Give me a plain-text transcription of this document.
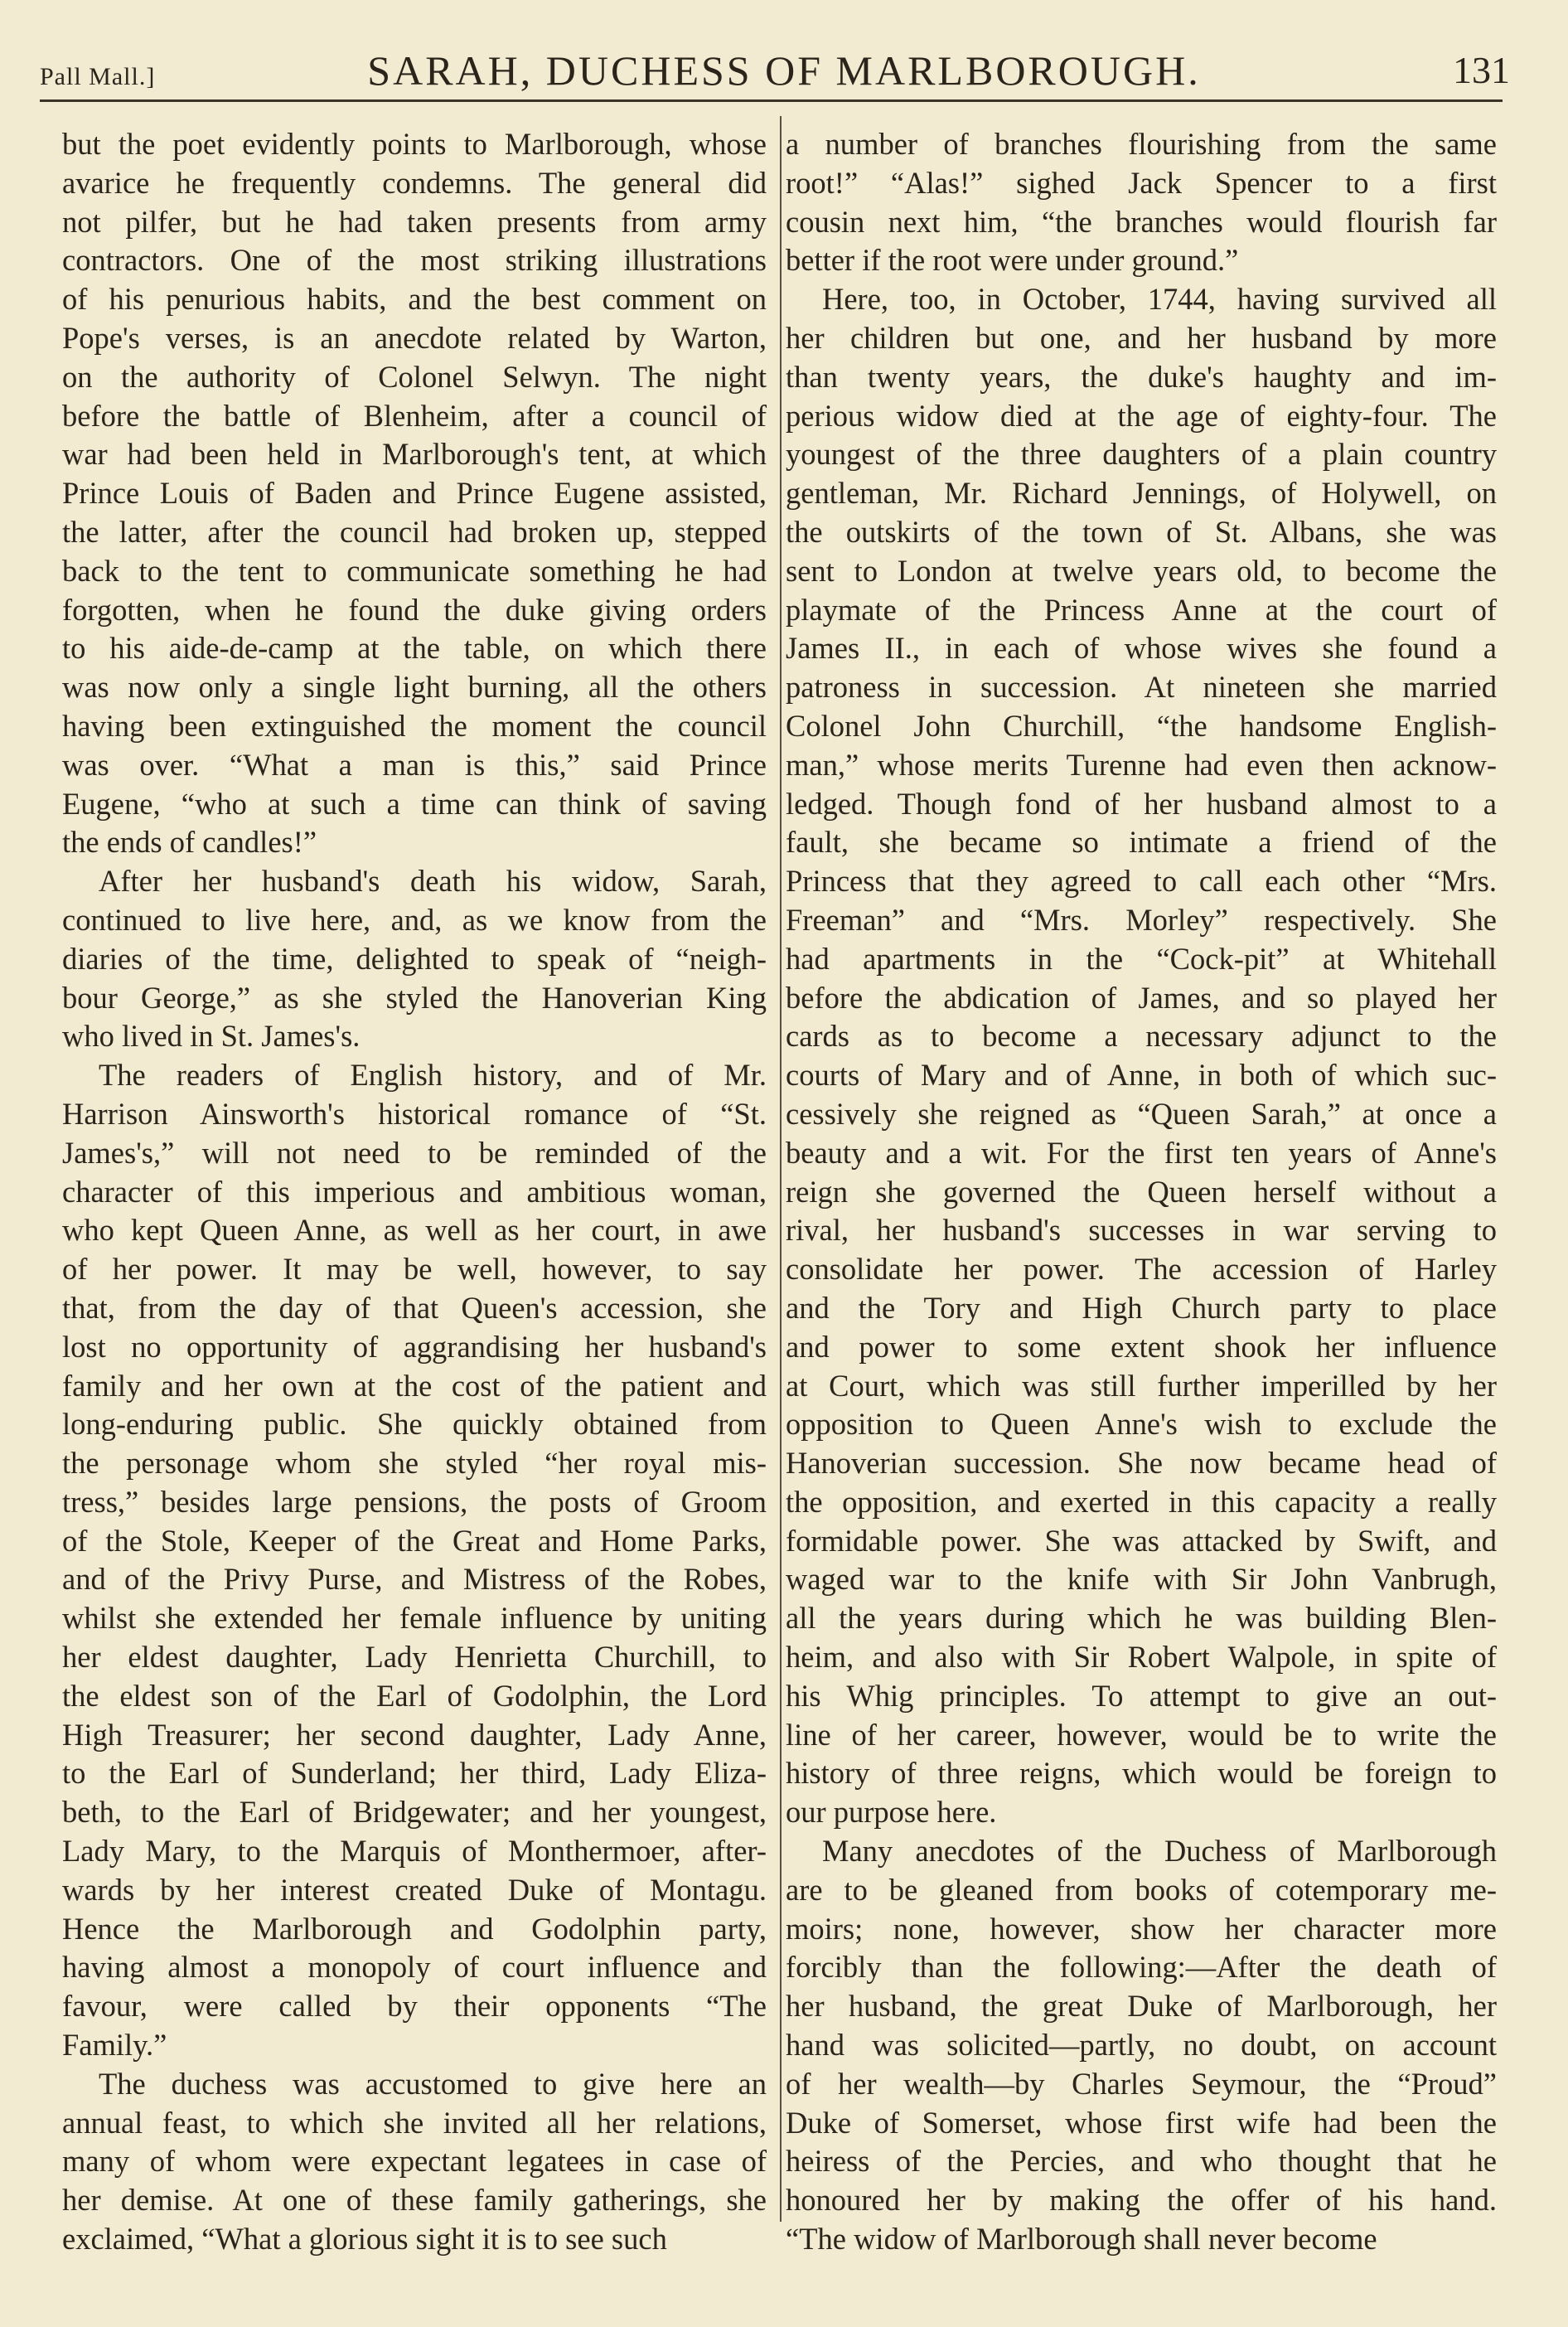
Pall Mall.]	SARAH, DUCHESS OF MARLBOROUGH.	131
but the poet evidently points to Marlborough, whose
avarice he frequently condemns. The general did
not pilfer, but he had taken presents from army
contractors. One of the most striking illustrations
of his penurious habits, and the best comment on
Pope's verses, is an anecdote related by Warton,
on the authority of Colonel Selwyn. The night
before the battle of Blenheim, after a council of
war had been held in Marlborough's tent, at which
Prince Louis of Baden and Prince Eugene assisted,
the latter, after the council had broken up, stepped
back to the tent to communicate something he had
forgotten, when he found the duke giving orders
to his aide-de-camp at the table, on which there
was now only a single light burning, all the others
having been extinguished the moment the council
was over. “What a man is this,” said Prince
Eugene, “who at such a time can think of saving
the ends of candles!”
After her husband's death his widow, Sarah,
continued to live here, and, as we know from the
diaries of the time, delighted to speak of “neigh-
bour George,” as she styled the Hanoverian King
who lived in St. James's.
The readers of English history, and of Mr.
Harrison Ainsworth's historical romance of “St.
James's,” will not need to be reminded of the
character of this imperious and ambitious woman,
who kept Queen Anne, as well as her court, in awe
of her power. It may be well, however, to say
that, from the day of that Queen's accession, she
lost no opportunity of aggrandising her husband's
family and her own at the cost of the patient and
long-enduring public. She quickly obtained from
the personage whom she styled “her royal mis-
tress,” besides large pensions, the posts of Groom
of the Stole, Keeper of the Great and Home Parks,
and of the Privy Purse, and Mistress of the Robes,
whilst she extended her female influence by uniting
her eldest daughter, Lady Henrietta Churchill, to
the eldest son of the Earl of Godolphin, the Lord
High Treasurer; her second daughter, Lady Anne,
to the Earl of Sunderland; her third, Lady Eliza-
beth, to the Earl of Bridgewater; and her youngest,
Lady Mary, to the Marquis of Monthermoer, after-
wards by her interest created Duke of Montagu.
Hence the Marlborough and Godolphin party,
having almost a monopoly of court influence and
favour, were called by their opponents “The
Family.”
The duchess was accustomed to give here an
annual feast, to which she invited all her relations,
many of whom were expectant legatees in case of
her demise. At one of these family gatherings, she
exclaimed, “What a glorious sight it is to see such
a number of branches flourishing from the same
root!” “Alas!” sighed Jack Spencer to a first
cousin next him, “the branches would flourish far
better if the root were under ground.”
Here, too, in October, 1744, having survived all
her children but one, and her husband by more
than twenty years, the duke's haughty and im-
perious widow died at the age of eighty-four. The
youngest of the three daughters of a plain country
gentleman, Mr. Richard Jennings, of Holywell, on
the outskirts of the town of St. Albans, she was
sent to London at twelve years old, to become the
playmate of the Princess Anne at the court of
James II., in each of whose wives she found a
patroness in succession. At nineteen she married
Colonel John Churchill, “the handsome English-
man,” whose merits Turenne had even then acknow-
ledged. Though fond of her husband almost to a
fault, she became so intimate a friend of the
Princess that they agreed to call each other “Mrs.
Freeman” and “Mrs. Morley” respectively. She
had apartments in the “Cock-pit” at Whitehall
before the abdication of James, and so played her
cards as to become a necessary adjunct to the
courts of Mary and of Anne, in both of which suc-
cessively she reigned as “Queen Sarah,” at once a
beauty and a wit. For the first ten years of Anne's
reign she governed the Queen herself without a
rival, her husband's successes in war serving to
consolidate her power. The accession of Harley
and the Tory and High Church party to place
and power to some extent shook her influence
at Court, which was still further imperilled by her
opposition to Queen Anne's wish to exclude the
Hanoverian succession. She now became head of
the opposition, and exerted in this capacity a really
formidable power. She was attacked by Swift, and
waged war to the knife with Sir John Vanbrugh,
all the years during which he was building Blen-
heim, and also with Sir Robert Walpole, in spite of
his Whig principles. To attempt to give an out-
line of her career, however, would be to write the
history of three reigns, which would be foreign to
our purpose here.
Many anecdotes of the Duchess of Marlborough
are to be gleaned from books of cotemporary me-
moirs; none, however, show her character more
forcibly than the following:—After the death of
her husband, the great Duke of Marlborough, her
hand was solicited—partly, no doubt, on account
of her wealth—by Charles Seymour, the “Proud”
Duke of Somerset, whose first wife had been the
heiress of the Percies, and who thought that he
honoured her by making the offer of his hand.
“The widow of Marlborough shall never become
